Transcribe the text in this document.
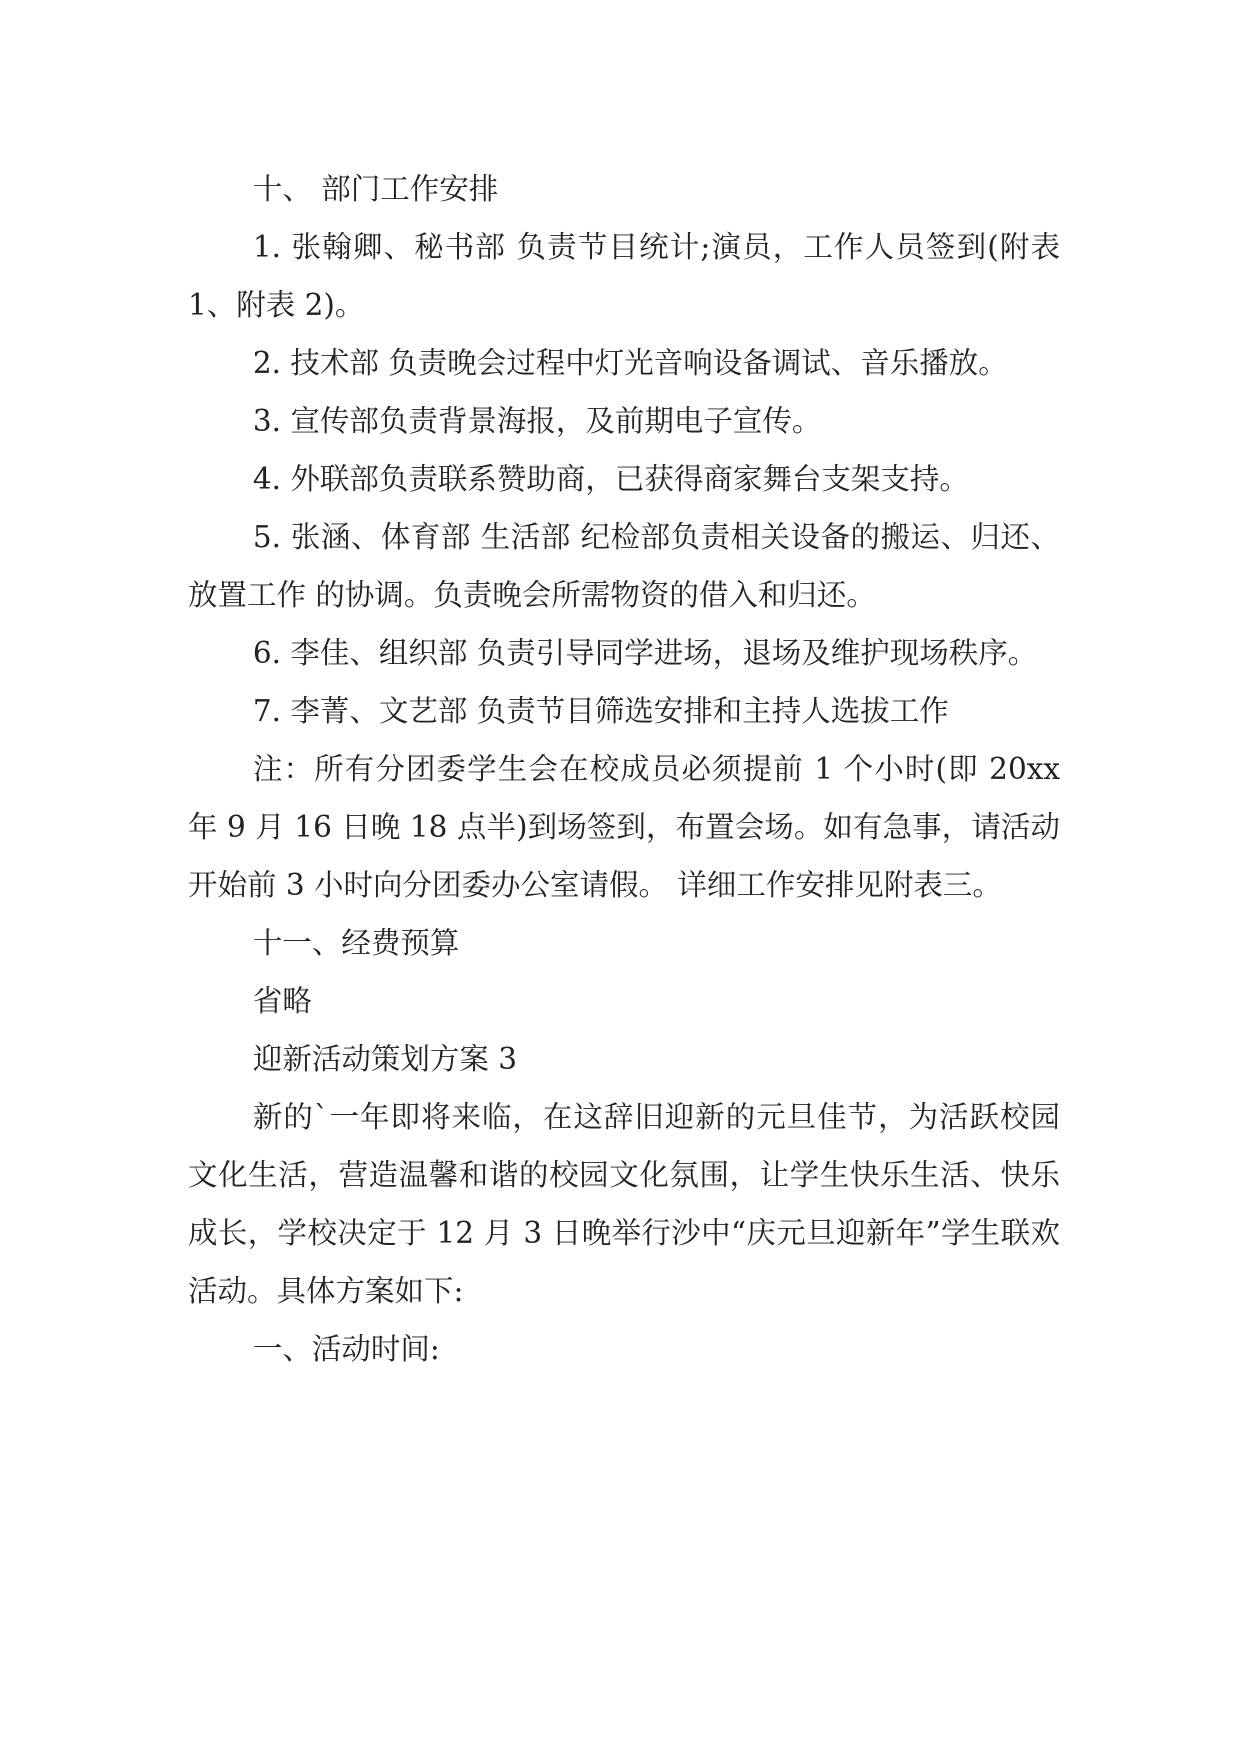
十、 部门工作安排

1. 张翰卿、秘书部 负责节目统计;演员，工作人员签到(附表 1、附表 2)。

2. 技术部 负责晚会过程中灯光音响设备调试、音乐播放。

3. 宣传部负责背景海报，及前期电子宣传。

4. 外联部负责联系赞助商，已获得商家舞台支架支持。

5. 张涵、体育部 生活部 纪检部负责相关设备的搬运、归还、放置工作 的协调。负责晚会所需物资的借入和归还。

6. 李佳、组织部 负责引导同学进场，退场及维护现场秩序。

7. 李菁、文艺部 负责节目筛选安排和主持人选拔工作

注：所有分团委学生会在校成员必须提前 1 个小时(即 20xx 年 9 月 16 日晚 18 点半)到场签到，布置会场。如有急事，请活动开始前 3 小时向分团委办公室请假。 详细工作安排见附表三。

十一、经费预算

省略

迎新活动策划方案 3

新的`一年即将来临，在这辞旧迎新的元旦佳节，为活跃校园文化生活，营造温馨和谐的校园文化氛围，让学生快乐生活、快乐成长，学校决定于 12 月 3 日晚举行沙中“庆元旦迎新年”学生联欢活动。具体方案如下:

一、活动时间:
